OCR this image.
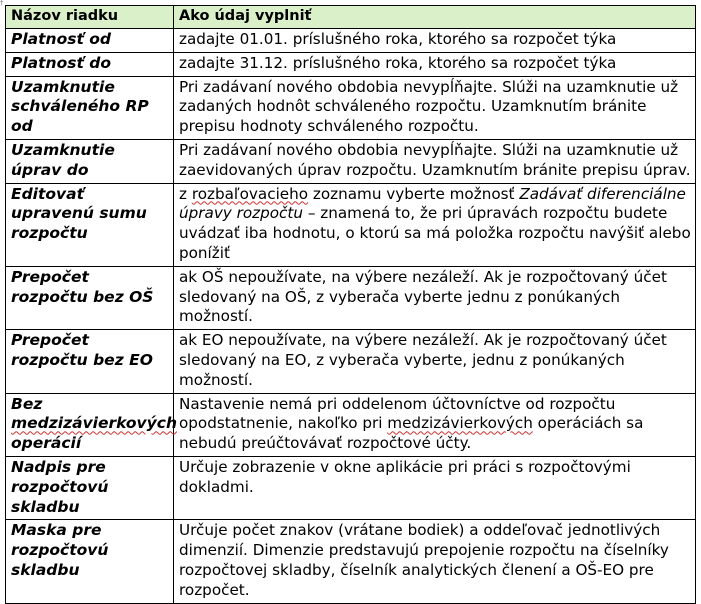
†
Názov riadku	Ako údaj vyplniť
Platnosť od	zadajte 01.01. príslušného roka, ktorého sa rozpočet týka
Platnosť do	zadajte 31.12. príslušného roka, ktorého sa rozpočet týka
Uzamknutie schváleného RP od	Pri zadávaní nového obdobia nevypĺňajte. Slúži na uzamknutie už zadaných hodnôt schváleného rozpočtu. Uzamknutím bránite prepisu hodnoty schváleného rozpočtu.
Uzamknutie úprav do	Pri zadávaní nového obdobia nevypĺňajte. Slúži na uzamknutie už zaevidovaných úprav rozpočtu. Uzamknutím bránite prepisu úprav.
Editovať upravenú sumu rozpočtu	z rozbaľovacieho zoznamu vyberte možnosť Zadávať diferenciálne úpravy rozpočtu – znamená to, že pri úpravách rozpočtu budete uvádzať iba hodnotu, o ktorú sa má položka rozpočtu navýšiť alebo ponížiť
Prepočet rozpočtu bez OŠ	ak OŠ nepoužívate, na výbere nezáleží. Ak je rozpočtovaný účet sledovaný na OŠ, z vyberača vyberte jednu z ponúkaných možností.
Prepočet rozpočtu bez EO	ak EO nepoužívate, na výbere nezáleží. Ak je rozpočtovaný účet sledovaný na EO, z vyberača vyberte, jednu z ponúkaných možností.
Bez medzizávierkových operácií	Nastavenie nemá pri oddelenom účtovníctve od rozpočtu opodstatnenie, nakoľko pri medzizávierkových operáciách sa nebudú preúčtovávať rozpočtové účty.
Nadpis pre rozpočtovú skladbu	Určuje zobrazenie v okne aplikácie pri práci s rozpočtovými dokladmi.
Maska pre rozpočtovú skladbu	Určuje počet znakov (vrátane bodiek) a oddeľovač jednotlivých dimenzií. Dimenzie predstavujú prepojenie rozpočtu na číselníky rozpočtovej skladby, číselník analytických členení a OŠ-EO pre rozpočet.
